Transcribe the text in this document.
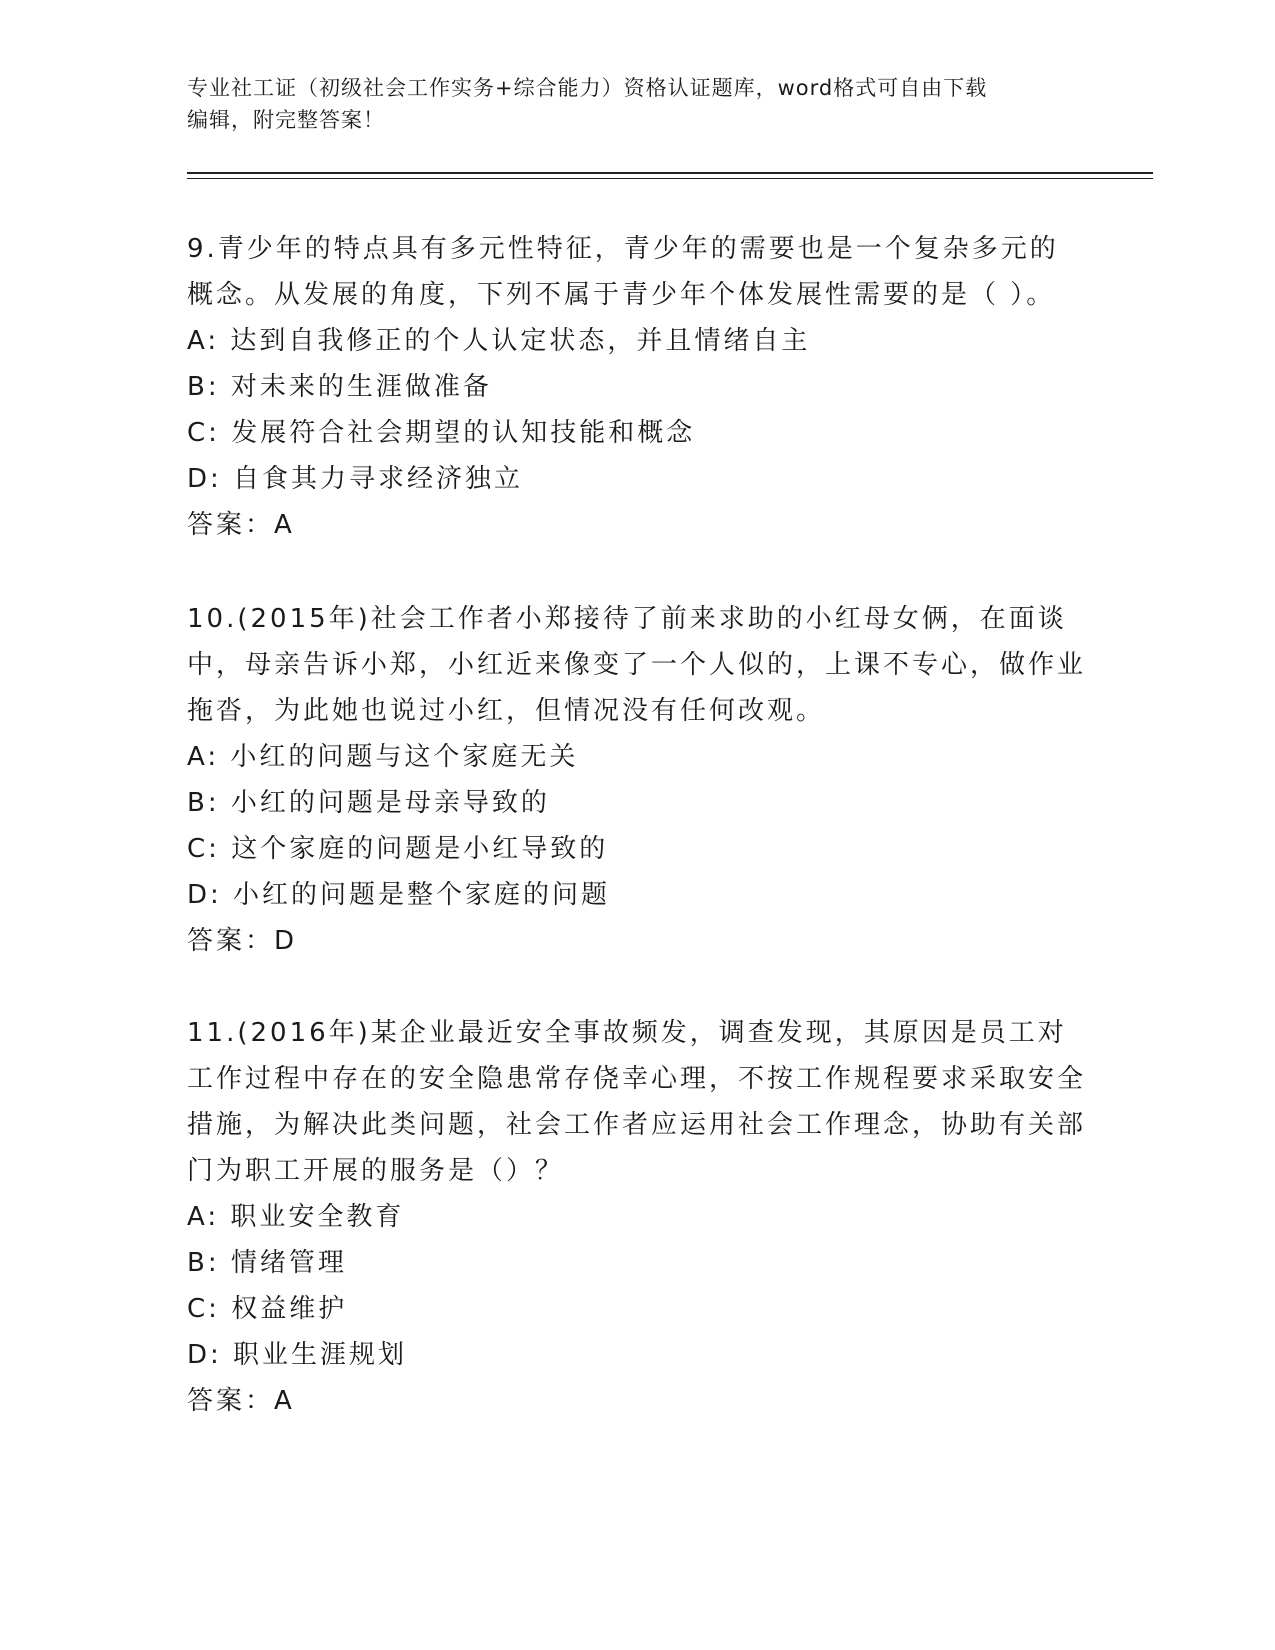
专业社工证（初级社会工作实务+综合能力）资格认证题库，word格式可自由下载
编辑，附完整答案！
9.青少年的特点具有多元性特征，青少年的需要也是一个复杂多元的概念。从发展的角度，下列不属于青少年个体发展性需要的是（ ）。
A: 达到自我修正的个人认定状态，并且情绪自主
B: 对未来的生涯做准备
C: 发展符合社会期望的认知技能和概念
D: 自食其力寻求经济独立
答案：A
10.(2015年)社会工作者小郑接待了前来求助的小红母女俩，在面谈中，母亲告诉小郑，小红近来像变了一个人似的，上课不专心，做作业拖沓，为此她也说过小红，但情况没有任何改观。
A: 小红的问题与这个家庭无关
B: 小红的问题是母亲导致的
C: 这个家庭的问题是小红导致的
D: 小红的问题是整个家庭的问题
答案：D
11.(2016年)某企业最近安全事故频发，调查发现，其原因是员工对工作过程中存在的安全隐患常存侥幸心理，不按工作规程要求采取安全措施，为解决此类问题，社会工作者应运用社会工作理念，协助有关部门为职工开展的服务是（）？
A: 职业安全教育
B: 情绪管理
C: 权益维护
D: 职业生涯规划
答案：A
